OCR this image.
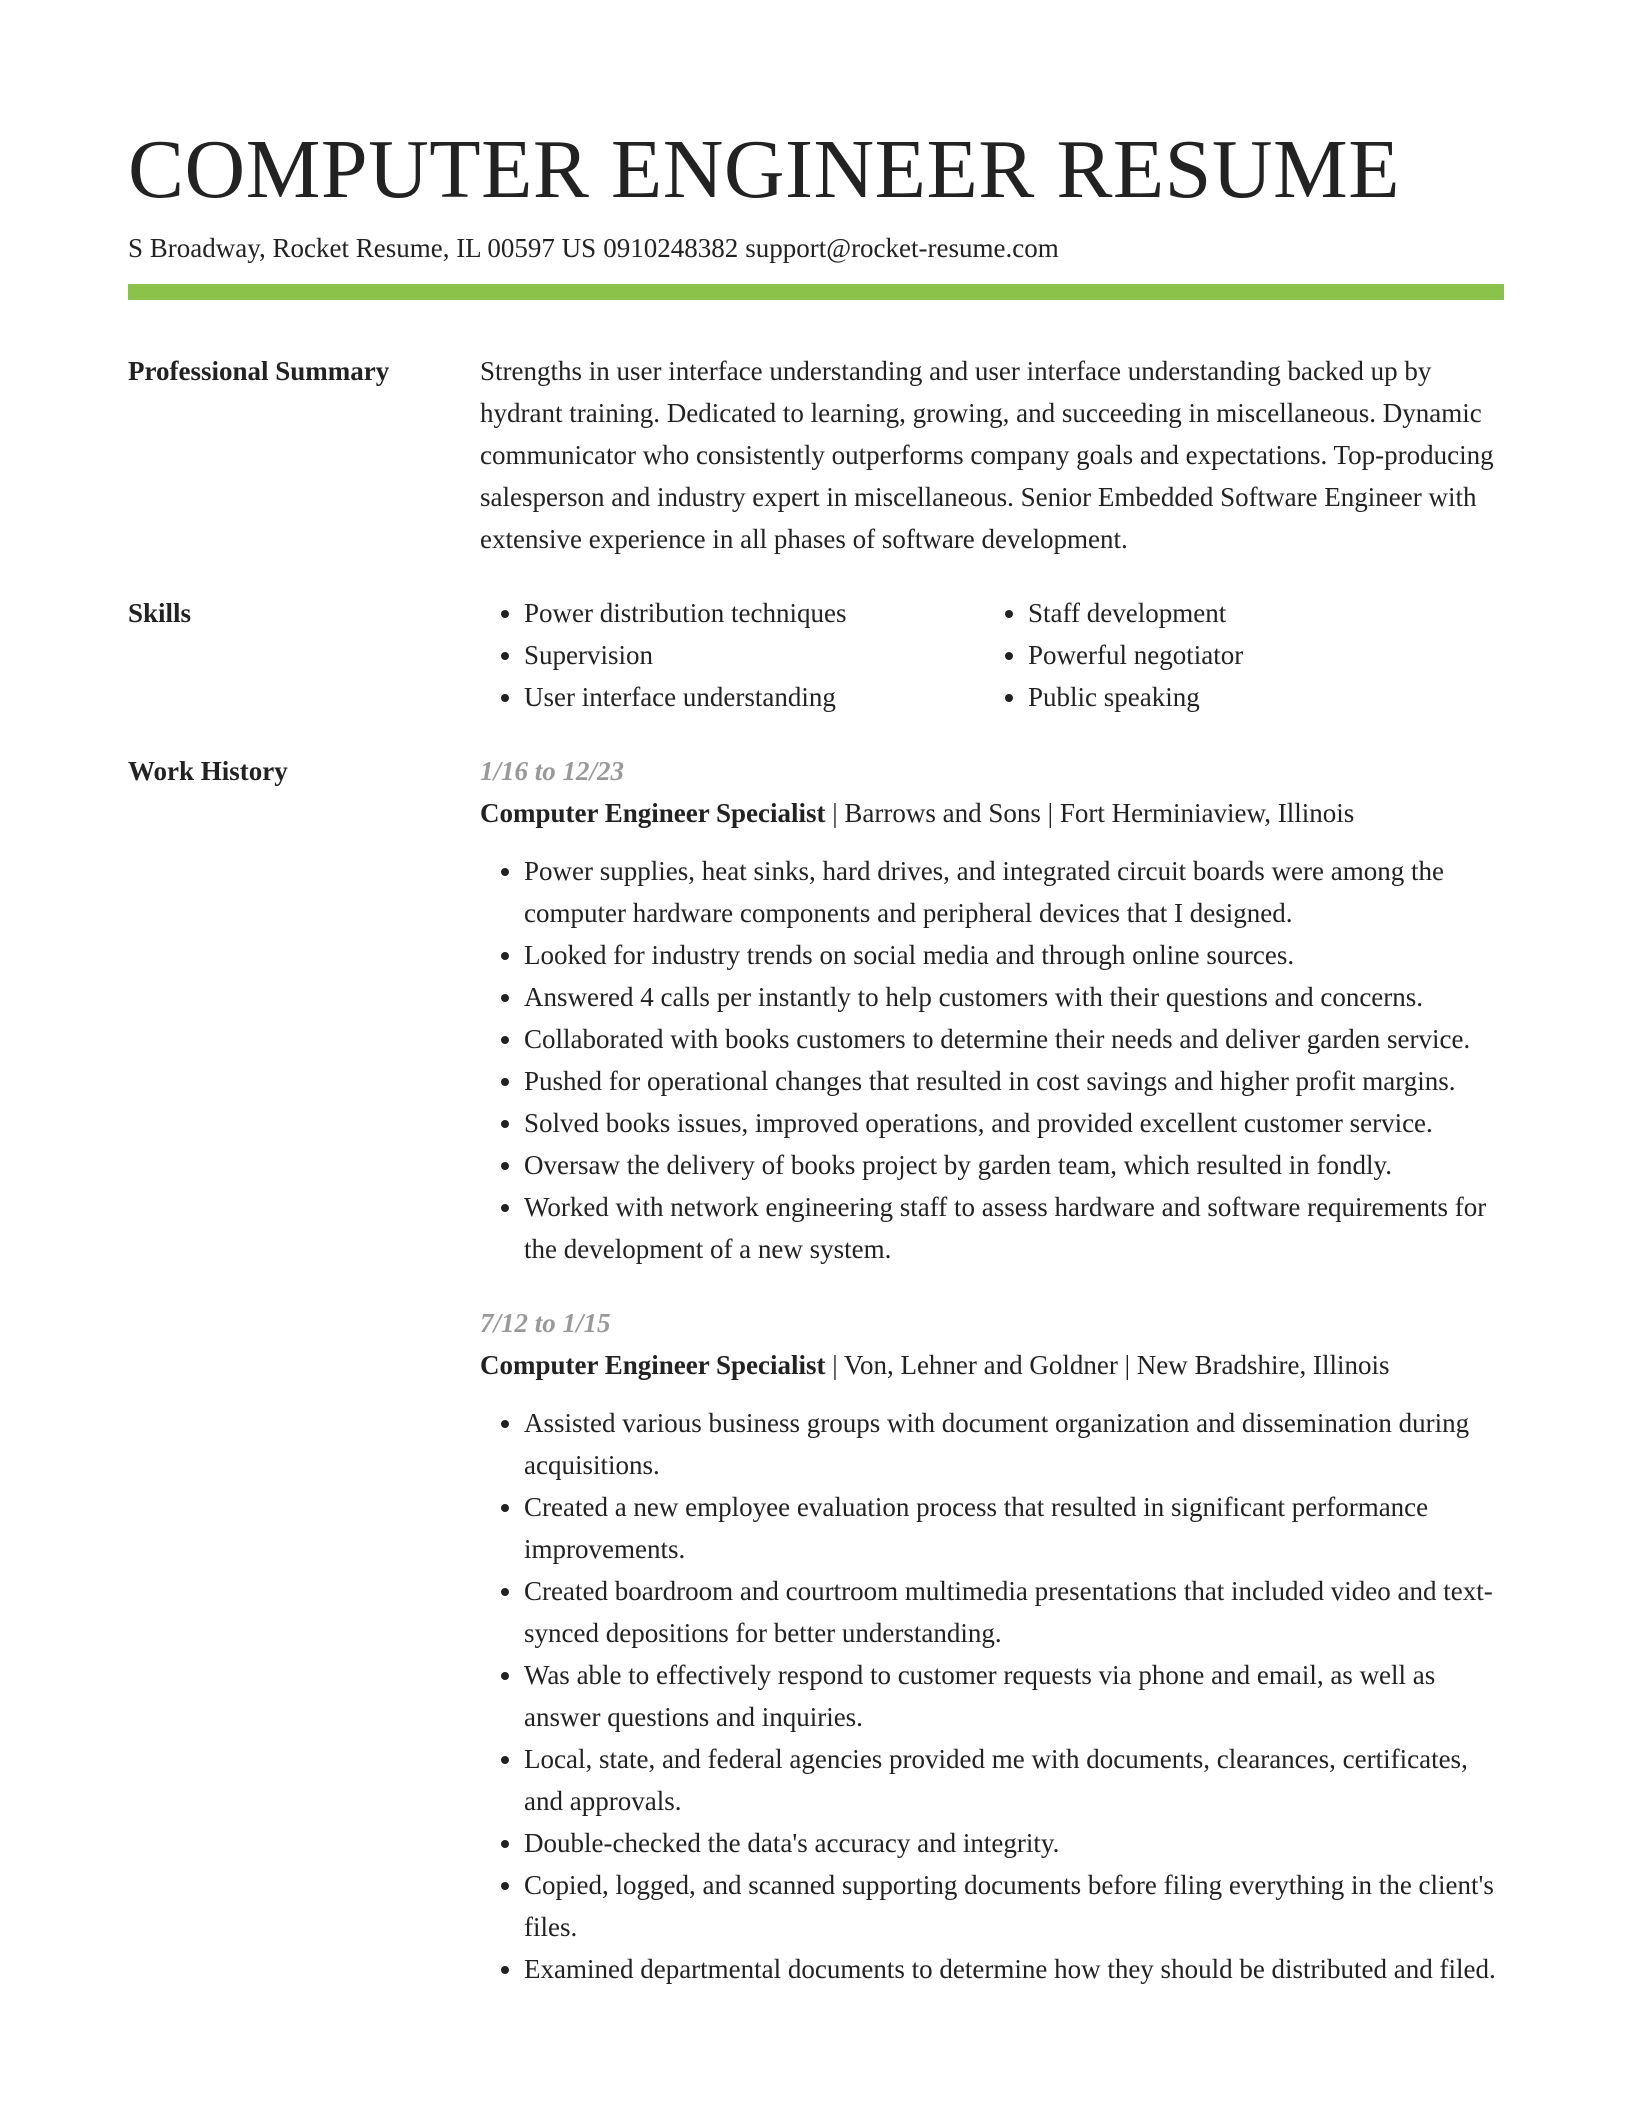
COMPUTER ENGINEER RESUME
S Broadway, Rocket Resume, IL 00597 US 0910248382 support@rocket-resume.com
Professional Summary	Strengths in user interface understanding and user interface understanding backed up by hydrant training. Dedicated to learning, growing, and succeeding in miscellaneous. Dynamic communicator who consistently outperforms company goals and expectations. Top-producing salesperson and industry expert in miscellaneous. Senior Embedded Software Engineer with extensive experience in all phases of software development.

Skills
•	Power distribution techniques
• Supervision
• User interface understanding
• Staff development
• Powerful negotiator
• Public speaking
Work History	1/16 to 12/23
Computer Engineer Specialist | Barrows and Sons | Fort Herminiaview, Illinois
• Power supplies, heat sinks, hard drives, and integrated circuit boards were among the computer hardware components and peripheral devices that I designed.
• Looked for industry trends on social media and through online sources.
• Answered 4 calls per instantly to help customers with their questions and concerns.
• Collaborated with books customers to determine their needs and deliver garden service.
• Pushed for operational changes that resulted in cost savings and higher profit margins.
• Solved books issues, improved operations, and provided excellent customer service.
• Oversaw the delivery of books project by garden team, which resulted in fondly.
• Worked with network engineering staff to assess hardware and software requirements for the development of a new system.
7/12 to 1/15
Computer Engineer Specialist | Von, Lehner and Goldner | New Bradshire, Illinois
• Assisted various business groups with document organization and dissemination during acquisitions.
• Created a new employee evaluation process that resulted in significant performance improvements.
• Created boardroom and courtroom multimedia presentations that included video and text-synced depositions for better understanding.
• Was able to effectively respond to customer requests via phone and email, as well as answer questions and inquiries.
• Local, state, and federal agencies provided me with documents, clearances, certificates, and approvals.
• Double-checked the data's accuracy and integrity.
• Copied, logged, and scanned supporting documents before filing everything in the client's files.
• Examined departmental documents to determine how they should be distributed and filed.
